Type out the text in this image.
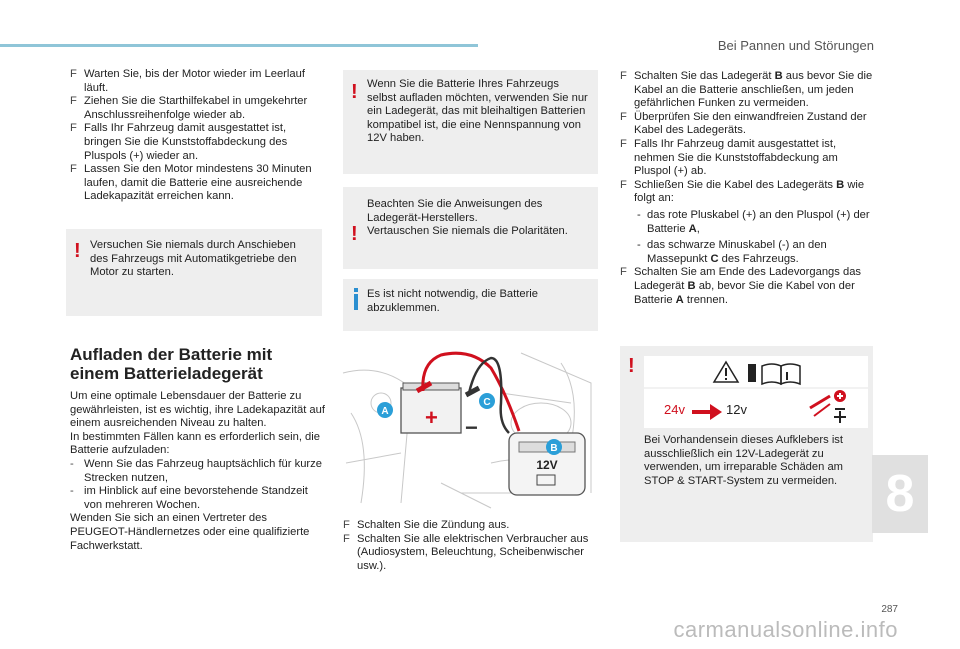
Bei Pannen und Störungen
F Warten Sie, bis der Motor wieder im Leerlauf läuft.
F Ziehen Sie die Starthilfekabel in umgekehrter Anschlussreihenfolge wieder ab.
F Falls Ihr Fahrzeug damit ausgestattet ist, bringen Sie die Kunststoffabdeckung des Pluspols (+) wieder an.
F Lassen Sie den Motor mindestens 30 Minuten laufen, damit die Batterie eine ausreichende Ladekapazität erreichen kann.
! Versuchen Sie niemals durch Anschieben des Fahrzeugs mit Automatikgetriebe den Motor zu starten.
Aufladen der Batterie mit
einem Batterieladegerät
Um eine optimale Lebensdauer der Batterie zu gewährleisten, ist es wichtig, ihre Ladekapazität auf einem ausreichenden Niveau zu halten.
In bestimmten Fällen kann es erforderlich sein, die Batterie aufzuladen:
- Wenn Sie das Fahrzeug hauptsächlich für kurze Strecken nutzen,
- im Hinblick auf eine bevorstehende Standzeit von mehreren Wochen.
Wenden Sie sich an einen Vertreter des PEUGEOT-Händlernetzes oder eine qualifizierte Fachwerkstatt.
! Wenn Sie die Batterie Ihres Fahrzeugs selbst aufladen möchten, verwenden Sie nur ein Ladegerät, das mit bleihaltigen Batterien kompatibel ist, die eine Nennspannung von 12V haben.
!
Beachten Sie die Anweisungen des Ladegerät-Herstellers.
Vertauschen Sie niemals die Polaritäten.
Es ist nicht notwendig, die Batterie abzuklemmen.
+ −
12V
A
C
B
F Schalten Sie die Zündung aus.
F Schalten Sie alle elektrischen Verbraucher aus (Audiosystem, Beleuchtung, Scheibenwischer usw.).
F Schalten Sie das Ladegerät B aus bevor Sie die Kabel an die Batterie anschließen, um jeden gefährlichen Funken zu vermeiden.
F Überprüfen Sie den einwandfreien Zustand der Kabel des Ladegeräts.
F Falls Ihr Fahrzeug damit ausgestattet ist, nehmen Sie die Kunststoffabdeckung am Pluspol (+) ab.
F Schließen Sie die Kabel des Ladegeräts B wie folgt an:
- das rote Pluskabel (+) an den Pluspol (+) der Batterie A,
- das schwarze Minuskabel (-) an den Massepunkt C des Fahrzeugs.
F Schalten Sie am Ende des Ladevorgangs das Ladegerät B ab, bevor Sie die Kabel von der Batterie A trennen.
!
24v	12v
Bei Vorhandensein dieses Aufklebers ist ausschließlich ein 12V-Ladegerät zu verwenden, um irreparable Schäden am STOP & START-System zu vermeiden. 8
287
carmanualsonline.info
